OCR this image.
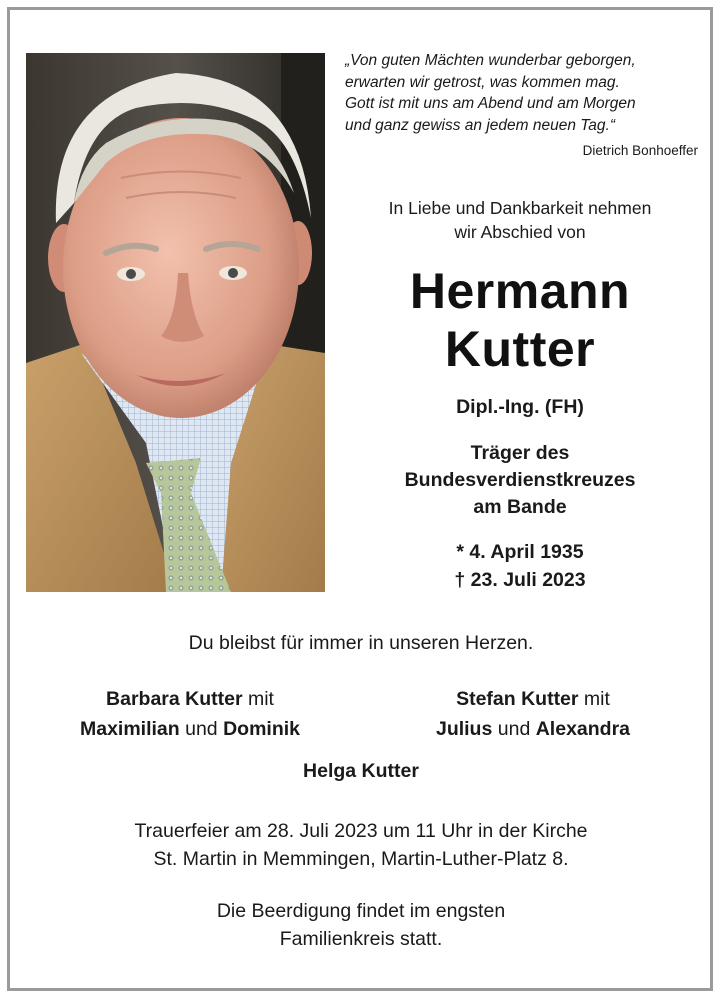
„Von guten Mächten wunderbar geborgen,
erwarten wir getrost, was kommen mag.
Gott ist mit uns am Abend und am Morgen
und ganz gewiss an jedem neuen Tag.“
Dietrich Bonhoeffer
In Liebe und Dankbarkeit nehmen
wir Abschied von
Hermann
Kutter
Dipl.-Ing. (FH)
Träger des
Bundesverdienstkreuzes
am Bande
* 4. April 1935
† 23. Juli 2023
Du bleibst für immer in unseren Herzen.
Barbara Kutter mit
Maximilian und Dominik
Stefan Kutter mit
Julius und Alexandra
Helga Kutter
Trauerfeier am 28. Juli 2023 um 11 Uhr in der Kirche
St. Martin in Memmingen, Martin-Luther-Platz 8.
Die Beerdigung findet im engsten
Familienkreis statt.
